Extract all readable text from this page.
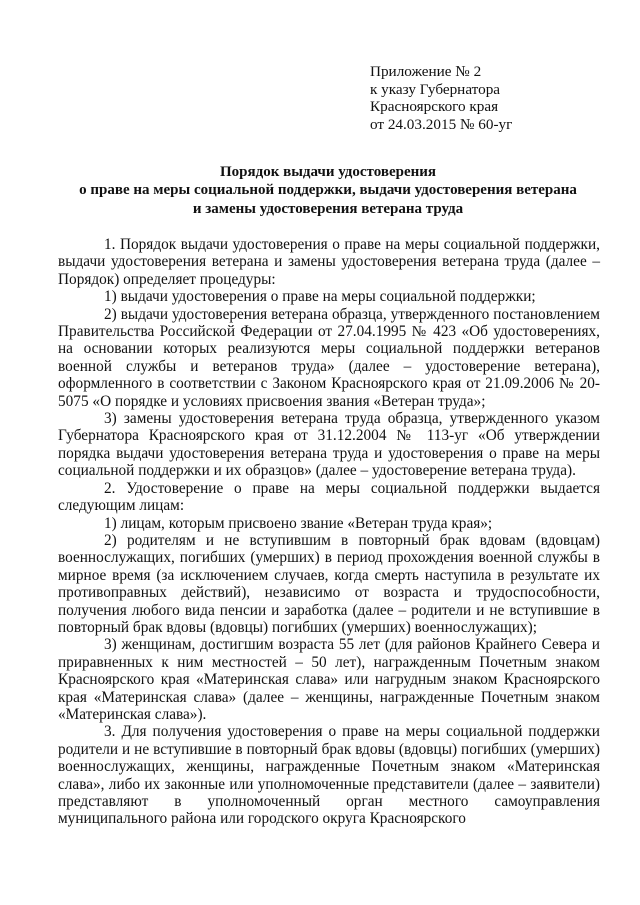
Приложение № 2
к указу Губернатора
Красноярского края
от 24.03.2015 № 60-уг
Порядок выдачи удостоверения
о праве на меры социальной поддержки, выдачи удостоверения ветерана
и замены удостоверения ветерана труда

1. Порядок выдачи удостоверения о праве на меры социальной поддержки, выдачи удостоверения ветерана и замены удостоверения ветерана труда (далее – Порядок) определяет процедуры:

1) выдачи удостоверения о праве на меры социальной поддержки;

2) выдачи удостоверения ветерана образца, утвержденного постановлением Правительства Российской Федерации от 27.04.1995 № 423 «Об удостоверениях, на основании которых реализуются меры социальной поддержки ветеранов военной службы и ветеранов труда» (далее – удостоверение ветерана), оформленного в соответствии с Законом Красноярского края от 21.09.2006 № 20-5075 «О порядке и условиях присвоения звания «Ветеран труда»;

3) замены удостоверения ветерана труда образца, утвержденного указом Губернатора Красноярского края от 31.12.2004 № 113-уг «Об утверждении порядка выдачи удостоверения ветерана труда и удостоверения о праве на меры социальной поддержки и их образцов» (далее – удостоверение ветерана труда).

2. Удостоверение о праве на меры социальной поддержки выдается следующим лицам:

1) лицам, которым присвоено звание «Ветеран труда края»;

2) родителям и не вступившим в повторный брак вдовам (вдовцам) военнослужащих, погибших (умерших) в период прохождения военной службы в мирное время (за исключением случаев, когда смерть наступила в результате их противоправных действий), независимо от возраста и трудоспособности, получения любого вида пенсии и заработка (далее – родители и не вступившие в повторный брак вдовы (вдовцы) погибших (умерших) военнослужащих);

3) женщинам, достигшим возраста 55 лет (для районов Крайнего Севера и приравненных к ним местностей – 50 лет), награжденным Почетным знаком Красноярского края «Материнская слава» или нагрудным знаком Красноярского края «Материнская слава» (далее – женщины, награжденные Почетным знаком «Материнская слава»).

3. Для получения удостоверения о праве на меры социальной поддержки родители и не вступившие в повторный брак вдовы (вдовцы) погибших (умерших) военнослужащих, женщины, награжденные Почетным знаком «Материнская слава», либо их законные или уполномоченные представители (далее – заявители) представляют в уполномоченный орган местного самоуправления муниципального района или городского округа Красноярского
